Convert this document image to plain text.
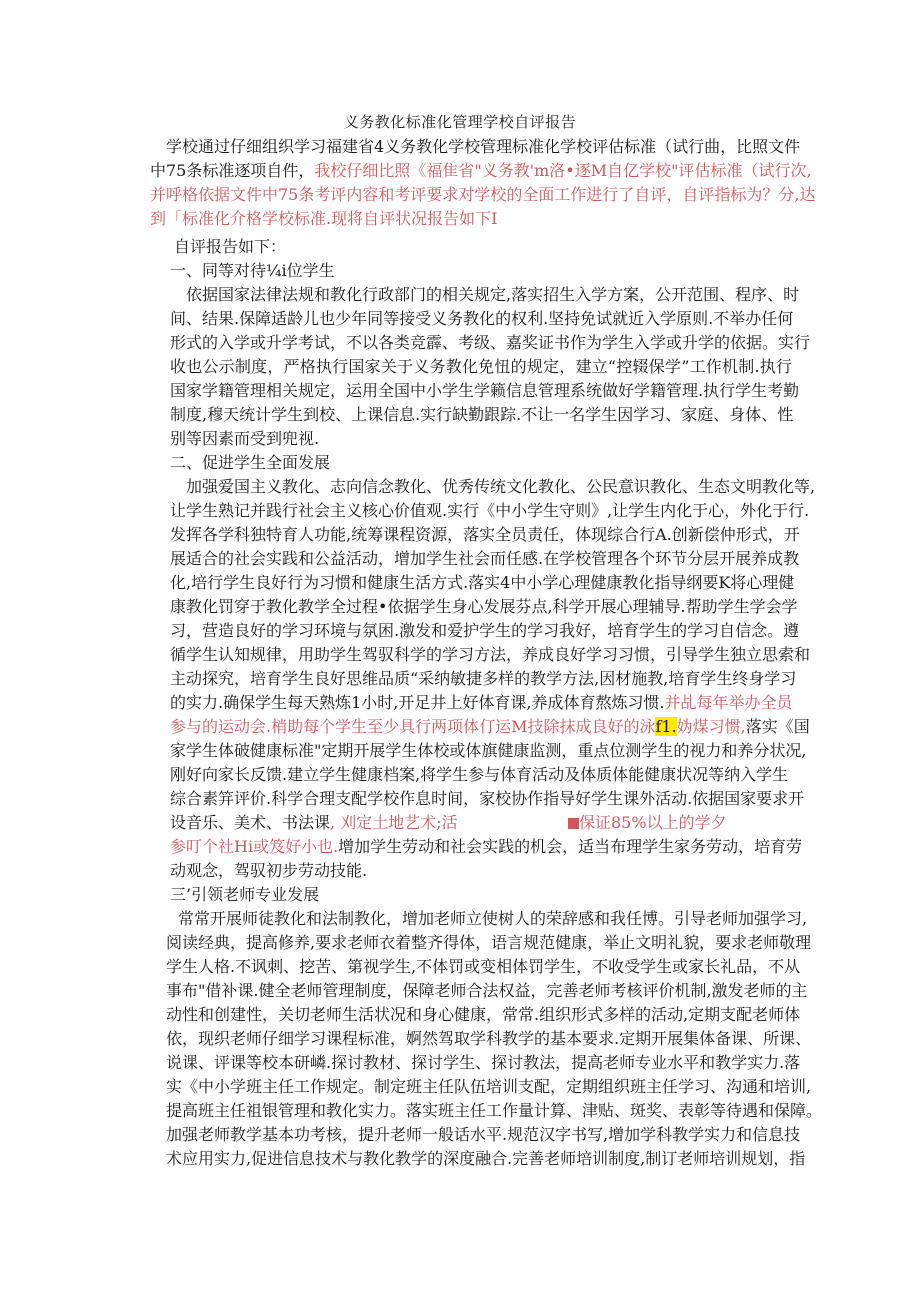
义务教化标准化管理学校自评报告
学校通过仔细组织学习福建省4义务教化学校管理标准化学校评估标准（试行曲，比照文件
中75条标准逐项自件，我校仔细比照《福隹省"义务教'm洛•逐M自亿学校"评估标准（试行次,
并呼格依据文件中75条考评内容和考评要求对学校的全面工作进行了自评，自评指标为？分,达
到「标准化介格学校标准.现将自评状况报告如下I
自评报告如下：
一、同等对待¼i位学生
依据国家法律法规和教化行政部门的相关规定,落实招生入学方案，公开范围、程序、时
间、结果.保障适龄儿也少年同等接受义务教化的权利.坚持免试就近入学原则.不举办任何
形式的入学或升学考试，不以各类竞霹、考级、嘉奖证书作为学生入学或升学的依据。实行
收也公示制度，严格执行国家关于义务教化免忸的规定，建立“控辍保学”工作机制.执行
国家学籍管理相关规定，运用全国中小学生学籁信息管理系统做好学籍管理.执行学生考勤
制度,穆天统计学生到校、上课信息.实行缺勤跟踪.不让一名学生因学习、家庭、身体、性
别等因素而受到兜视.
二、促进学生全面发展
加强爱国主义教化、志向信念教化、优秀传统文化教化、公民意识教化、生态文明教化等,
让学生熟记并践行社会主义核心价值观.实行《中小学生守则》,让学生内化于心，外化于行.
发挥各学科独特育人功能,统筹课程资源，落实全员责任，体现综合行A.创新偿仲形式，开
展适合的社会实践和公益活动，增加学生社会而任感.在学校管理各个环节分层开展养成教
化,培行学生良好行为习惯和健康生活方式.落实4中小学心理健康教化指导纲要K将心理健
康教化罚穿于教化教学全过程•依据学生身心发展芬点,科学开展心理辅导.帮助学生学会学
习，营造良好的学习环境与氛困.激发和爱护学生的学习我好，培育学生的学习自信念。遵
循学生认知规律，用助学生驾驭科学的学习方法，养成良好学习习惯，引导学生独立思索和
主动探究，培育学生良好思维品质“采纳敏捷多样的教学方法,因材施教,培育学生终身学习
的实力.确保学生每天熟炼1小时,开足井上好体育课,养成体育熬炼习惯.并乩每年举办全员
参与的运动会.梢助每个学生至少具行两项体仃运M技除抹成良好的泳f1.妫煤习惯,落实《国
家学生体破健康标准"定期开展学生体校或体旗健康监测，重点位测学生的视力和养分状况,
刚好向家长反馈.建立学生健康档案,将学生参与体育活动及体质体能健康状况等纳入学生
综合素笄评价.科学合理支配学校作息时间，家校协作指导好学生课外活动.依据国家要求开
设音乐、美术、书法课, 刈定土地艺术;活	保证85%以上的学夕
参叮个社Hi或笈好小也.增加学生劳动和社会实践的机会，适当布理学生家务劳动，培育劳
动观念，驾驭初步劳动技能.
三’引领老师专业发展
常常开展师徒教化和法制教化，增加老师立使树人的荣辞感和我任博。引导老师加强学习,
阅读经典，提高修养,要求老师衣着整齐得体，语言规范健康，举止文明礼貌，要求老师敬理
学生人格.不讽刺、挖苦、第视学生,不体罚或变相体罚学生，不收受学生或家长礼品，不从
事布"借补课.健全老师管理制度，保障老师合法权益，完善老师考核评价机制,激发老师的主
动性和创建性，关切老师生活状况和身心健康，常常.组织形式多样的活动,定期支配老师体
依，现织老师仔细学习课程标准，婀然驾取学科教学的基本要求.定期开展集体备课、所课、
说课、评课等校本研嶙.探讨教材、探讨学生、探讨教法，提高老师专业水平和教学实力.落
实《中小学班主任工作规定。制定班主任队伍培训支配，定期组织班主任学习、沟通和培训,
提高班主任祖银管理和教化实力。落实班主任工作量计算、津贴、斑奖、表彰等待遇和保障。
加强老师教学基本功考核，提升老师一般话水平.规范汉字书写,增加学科教学实力和信息技
术应用实力,促进信息技术与教化教学的深度融合.完善老师培训制度,制订老师培训规划，指
